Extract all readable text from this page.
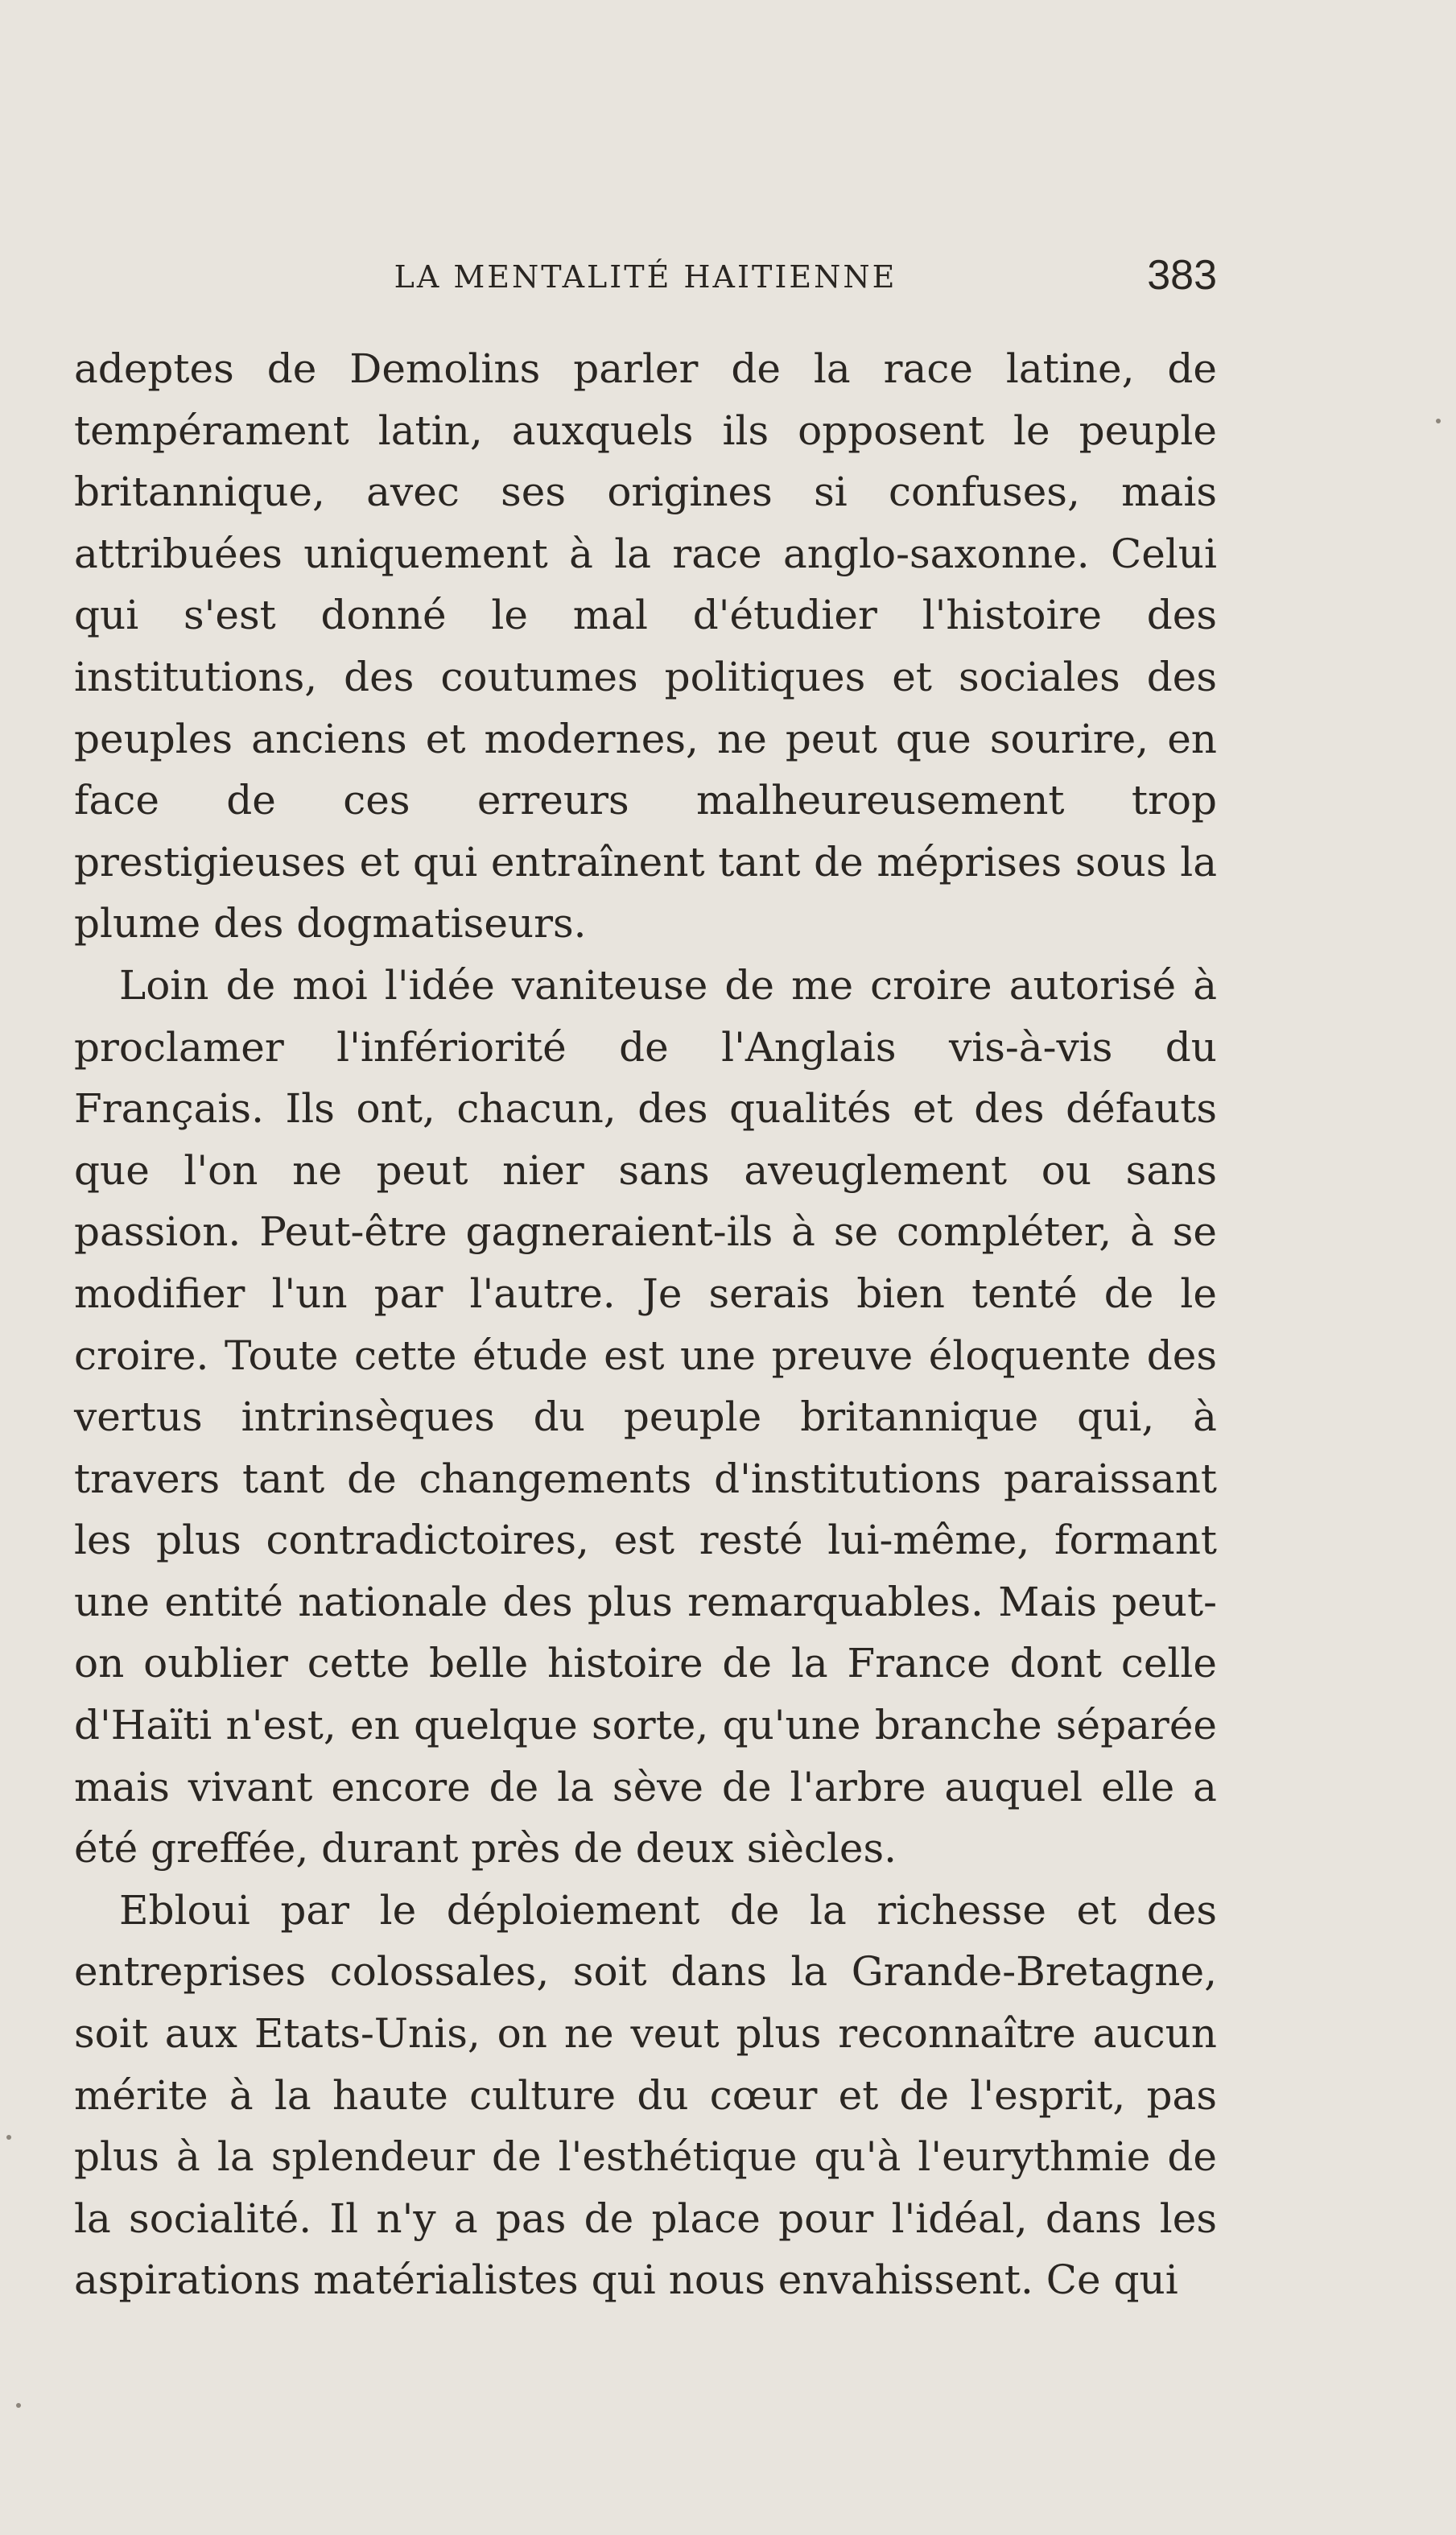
LA MENTALITÉ HAITIENNE	383

adeptes de Demolins parler de la race latine, de tempérament latin, auxquels ils opposent le peuple britannique, avec ses origines si confuses, mais attribuées uniquement à la race anglo-saxonne. Celui qui s'est donné le mal d'étudier l'histoire des institutions, des coutumes politiques et sociales des peuples anciens et modernes, ne peut que sourire, en face de ces erreurs malheureusement trop prestigieuses et qui entraînent tant de méprises sous la plume des dogmatiseurs.

Loin de moi l'idée vaniteuse de me croire autorisé à proclamer l'infériorité de l'Anglais vis-à-vis du Français. Ils ont, chacun, des qualités et des défauts que l'on ne peut nier sans aveuglement ou sans passion. Peut-être gagneraient-ils à se compléter, à se modifier l'un par l'autre. Je serais bien tenté de le croire. Toute cette étude est une preuve éloquente des vertus intrinsèques du peuple britannique qui, à travers tant de changements d'institutions paraissant les plus contradictoires, est resté lui-même, formant une entité nationale des plus remarquables. Mais peut-on oublier cette belle histoire de la France dont celle d'Haïti n'est, en quelque sorte, qu'une branche séparée mais vivant encore de la sève de l'arbre auquel elle a été greffée, durant près de deux siècles.

Ebloui par le déploiement de la richesse et des entreprises colossales, soit dans la Grande-Bretagne, soit aux Etats-Unis, on ne veut plus reconnaître aucun mérite à la haute culture du cœur et de l'esprit, pas plus à la splendeur de l'esthétique qu'à l'eurythmie de la socialité. Il n'y a pas de place pour l'idéal, dans les aspirations matérialistes qui nous envahissent. Ce qui
